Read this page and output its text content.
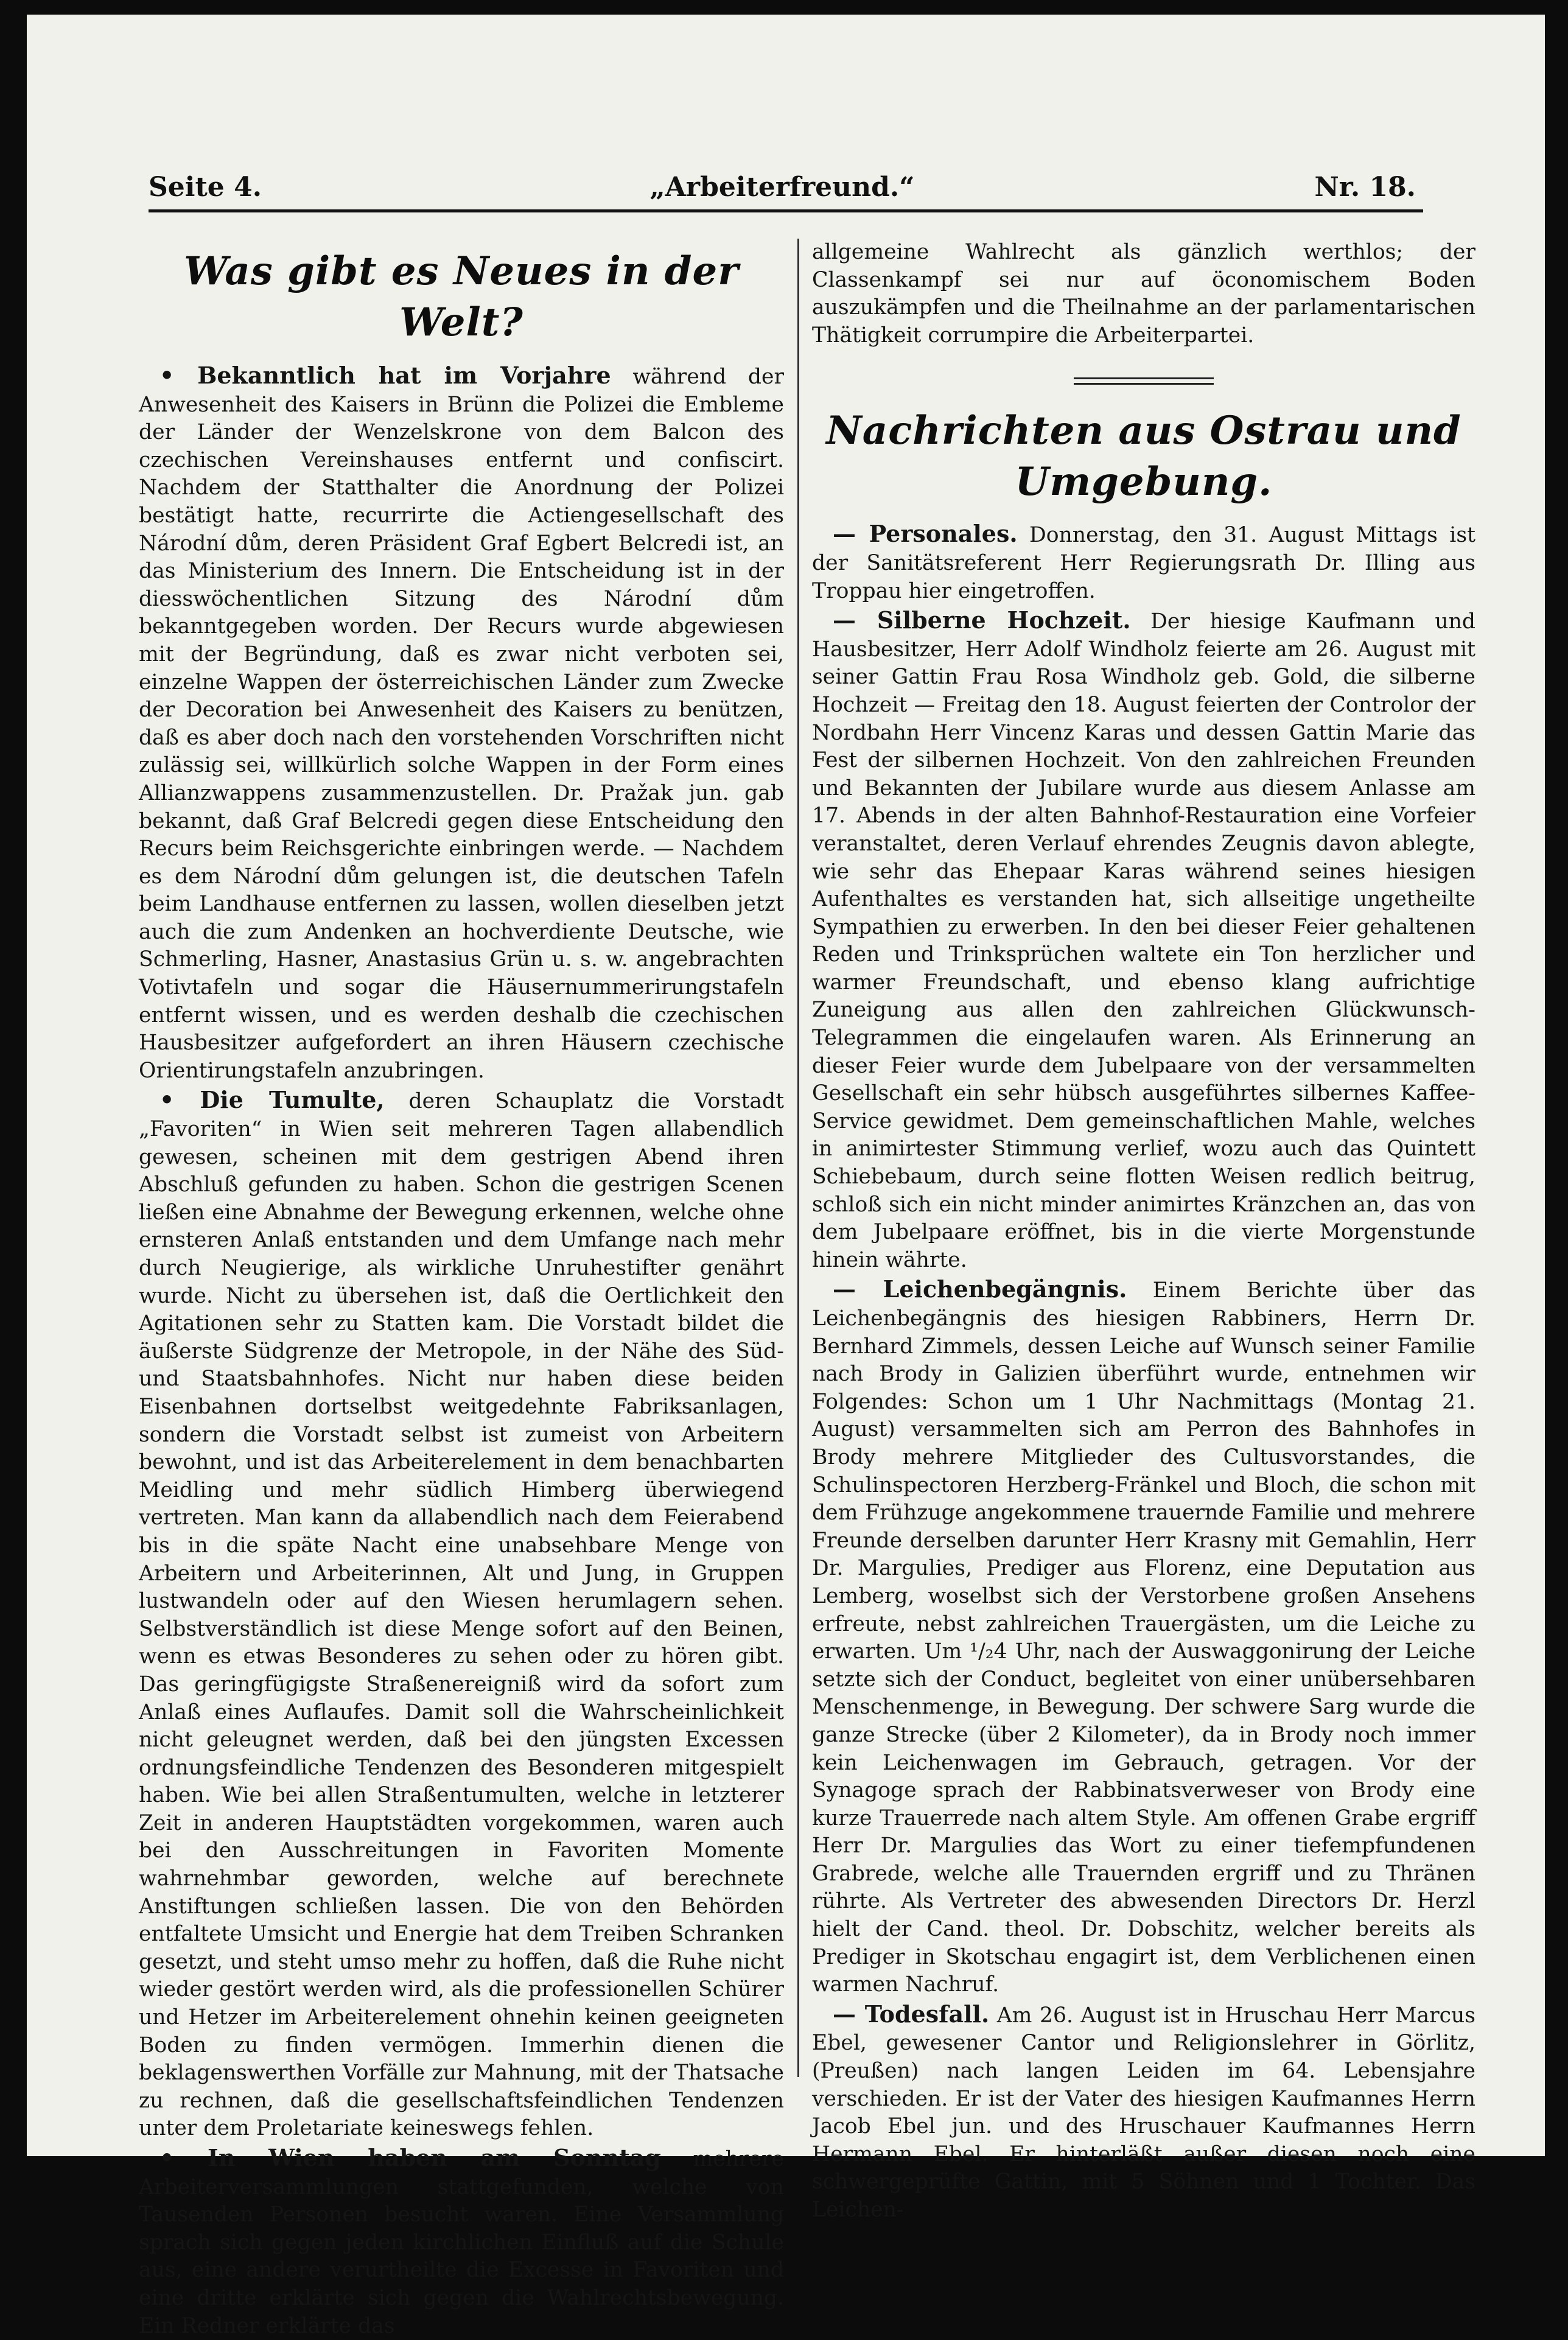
Seite 4.	„Arbeiterfreund.“	Nr. 18.
Was gibt es Neues in der Welt?

• Bekanntlich hat im Vorjahre während der Anwesenheit des Kaisers in Brünn die Polizei die Embleme der Länder der Wenzelskrone von dem Balcon des czechischen Vereinshauses entfernt und confiscirt. Nachdem der Statthalter die Anordnung der Polizei bestätigt hatte, recurrirte die Actiengesellschaft des Národní dům, deren Präsident Graf Egbert Belcredi ist, an das Ministerium des Innern. Die Entscheidung ist in der diesswöchentlichen Sitzung des Národní dům bekanntgegeben worden. Der Recurs wurde abgewiesen mit der Begründung, daß es zwar nicht verboten sei, einzelne Wappen der österreichischen Länder zum Zwecke der Decoration bei Anwesenheit des Kaisers zu benützen, daß es aber doch nach den vorstehenden Vorschriften nicht zulässig sei, willkürlich solche Wappen in der Form eines Allianzwappens zusammenzustellen. Dr. Pražak jun. gab bekannt, daß Graf Belcredi gegen diese Entscheidung den Recurs beim Reichsgerichte einbringen werde. — Nachdem es dem Národní dům gelungen ist, die deutschen Tafeln beim Landhause entfernen zu lassen, wollen dieselben jetzt auch die zum Andenken an hochverdiente Deutsche, wie Schmerling, Hasner, Anastasius Grün u. s. w. angebrachten Votivtafeln und sogar die Häusernummerirungstafeln entfernt wissen, und es werden deshalb die czechischen Hausbesitzer aufgefordert an ihren Häusern czechische Orientirungstafeln anzubringen.

• Die Tumulte, deren Schauplatz die Vorstadt „Favoriten“ in Wien seit mehreren Tagen allabendlich gewesen, scheinen mit dem gestrigen Abend ihren Abschluß gefunden zu haben. Schon die gestrigen Scenen ließen eine Abnahme der Bewegung erkennen, welche ohne ernsteren Anlaß entstanden und dem Umfange nach mehr durch Neugierige, als wirkliche Unruhestifter genährt wurde. Nicht zu übersehen ist, daß die Oertlichkeit den Agitationen sehr zu Statten kam. Die Vorstadt bildet die äußerste Südgrenze der Metropole, in der Nähe des Süd- und Staatsbahnhofes. Nicht nur haben diese beiden Eisenbahnen dortselbst weitgedehnte Fabriksanlagen, sondern die Vorstadt selbst ist zumeist von Arbeitern bewohnt, und ist das Arbeiterelement in dem benachbarten Meidling und mehr südlich Himberg überwiegend vertreten. Man kann da allabendlich nach dem Feierabend bis in die späte Nacht eine unabsehbare Menge von Arbeitern und Arbeiterinnen, Alt und Jung, in Gruppen lustwandeln oder auf den Wiesen herumlagern sehen. Selbstverständlich ist diese Menge sofort auf den Beinen, wenn es etwas Besonderes zu sehen oder zu hören gibt. Das geringfügigste Straßenereigniß wird da sofort zum Anlaß eines Auflaufes. Damit soll die Wahrscheinlichkeit nicht geleugnet werden, daß bei den jüngsten Excessen ordnungsfeindliche Tendenzen des Besonderen mitgespielt haben. Wie bei allen Straßentumulten, welche in letzterer Zeit in anderen Hauptstädten vorgekommen, waren auch bei den Ausschreitungen in Favoriten Momente wahrnehmbar geworden, welche auf berechnete Anstiftungen schließen lassen. Die von den Behörden entfaltete Umsicht und Energie hat dem Treiben Schranken gesetzt, und steht umso mehr zu hoffen, daß die Ruhe nicht wieder gestört werden wird, als die professionellen Schürer und Hetzer im Arbeiterelement ohnehin keinen geeigneten Boden zu finden vermögen. Immerhin dienen die beklagenswerthen Vorfälle zur Mahnung, mit der Thatsache zu rechnen, daß die gesellschaftsfeindlichen Tendenzen unter dem Proletariate keineswegs fehlen.

• In Wien haben am Sonntag mehrere Arbeiterversammlungen stattgefunden, welche von Tausenden Personen besucht waren. Eine Versammlung sprach sich gegen jeden kirchlichen Einfluß auf die Schule aus, eine andere verurtheilte die Excesse in Favoriten und eine dritte erklärte sich gegen die Wahlrechtsbewegung. Ein Redner erklärte das

allgemeine Wahlrecht als gänzlich werthlos; der Classenkampf sei nur auf öconomischem Boden auszukämpfen und die Theilnahme an der parlamentarischen Thätigkeit corrumpire die Arbeiterpartei.

Nachrichten aus Ostrau und Umgebung.

— Personales. Donnerstag, den 31. August Mittags ist der Sanitätsreferent Herr Regierungsrath Dr. Illing aus Troppau hier eingetroffen.

— Silberne Hochzeit. Der hiesige Kaufmann und Hausbesitzer, Herr Adolf Windholz feierte am 26. August mit seiner Gattin Frau Rosa Windholz geb. Gold, die silberne Hochzeit — Freitag den 18. August feierten der Controlor der Nordbahn Herr Vincenz Karas und dessen Gattin Marie das Fest der silbernen Hochzeit. Von den zahlreichen Freunden und Bekannten der Jubilare wurde aus diesem Anlasse am 17. Abends in der alten Bahnhof-Restauration eine Vorfeier veranstaltet, deren Verlauf ehrendes Zeugnis davon ablegte, wie sehr das Ehepaar Karas während seines hiesigen Aufenthaltes es verstanden hat, sich allseitige ungetheilte Sympathien zu erwerben. In den bei dieser Feier gehaltenen Reden und Trinksprüchen waltete ein Ton herzlicher und warmer Freundschaft, und ebenso klang aufrichtige Zuneigung aus allen den zahlreichen Glückwunsch-Telegrammen die eingelaufen waren. Als Erinnerung an dieser Feier wurde dem Jubelpaare von der versammelten Gesellschaft ein sehr hübsch ausgeführtes silbernes Kaffee-Service gewidmet. Dem gemeinschaftlichen Mahle, welches in animirtester Stimmung verlief, wozu auch das Quintett Schiebebaum, durch seine flotten Weisen redlich beitrug, schloß sich ein nicht minder animirtes Kränzchen an, das von dem Jubelpaare eröffnet, bis in die vierte Morgenstunde hinein währte.

— Leichenbegängnis. Einem Berichte über das Leichenbegängnis des hiesigen Rabbiners, Herrn Dr. Bernhard Zimmels, dessen Leiche auf Wunsch seiner Familie nach Brody in Galizien überführt wurde, entnehmen wir Folgendes: Schon um 1 Uhr Nachmittags (Montag 21. August) versammelten sich am Perron des Bahnhofes in Brody mehrere Mitglieder des Cultusvorstandes, die Schulinspectoren Herzberg-Fränkel und Bloch, die schon mit dem Frühzuge angekommene trauernde Familie und mehrere Freunde derselben darunter Herr Krasny mit Gemahlin, Herr Dr. Margulies, Prediger aus Florenz, eine Deputation aus Lemberg, woselbst sich der Verstorbene großen Ansehens erfreute, nebst zahlreichen Trauergästen, um die Leiche zu erwarten. Um ¹/₂4 Uhr, nach der Auswaggonirung der Leiche setzte sich der Conduct, begleitet von einer unübersehbaren Menschenmenge, in Bewegung. Der schwere Sarg wurde die ganze Strecke (über 2 Kilometer), da in Brody noch immer kein Leichenwagen im Gebrauch, getragen. Vor der Synagoge sprach der Rabbinatsverweser von Brody eine kurze Trauerrede nach altem Style. Am offenen Grabe ergriff Herr Dr. Margulies das Wort zu einer tiefempfundenen Grabrede, welche alle Trauernden ergriff und zu Thränen rührte. Als Vertreter des abwesenden Directors Dr. Herzl hielt der Cand. theol. Dr. Dobschitz, welcher bereits als Prediger in Skotschau engagirt ist, dem Verblichenen einen warmen Nachruf.

— Todesfall. Am 26. August ist in Hruschau Herr Marcus Ebel, gewesener Cantor und Religionslehrer in Görlitz, (Preußen) nach langen Leiden im 64. Lebensjahre verschieden. Er ist der Vater des hiesigen Kaufmannes Herrn Jacob Ebel jun. und des Hruschauer Kaufmannes Herrn Hermann Ebel. Er hinterläßt außer diesen noch eine schwergeprüfte Gattin, mit 5 Söhnen und 1 Tochter. Das Leichen-
